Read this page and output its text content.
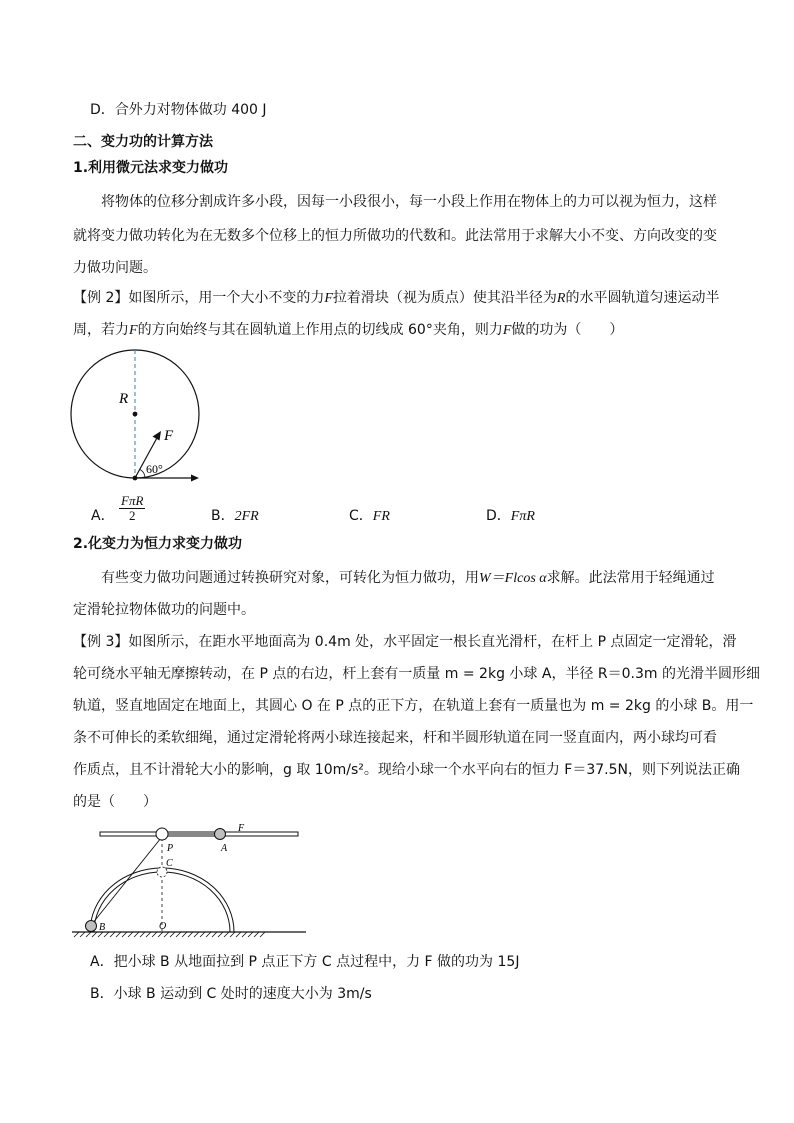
D．合外力对物体做功 400 J
二、变力功的计算方法
1.利用微元法求变力做功
将物体的位移分割成许多小段，因每一小段很小，每一小段上作用在物体上的力可以视为恒力，这样
就将变力做功转化为在无数多个位移上的恒力所做功的代数和。此法常用于求解大小不变、方向改变的变
力做功问题。
【例 2】如图所示，用一个大小不变的力F拉着滑块（视为质点）使其沿半径为R的水平圆轨道匀速运动半
周，若力F的方向始终与其在圆轨道上作用点的切线成 60°夹角，则力F做的功为（　　）
R
F
60°
A． $\frac{\text{FπR}}{2}$	B．2FR	C．FR	D．FπR
2.化变力为恒力求变力做功
有些变力做功问题通过转换研究对象，可转化为恒力做功，用W＝Flcos α求解。此法常用于轻绳通过
定滑轮拉物体做功的问题中。
【例 3】如图所示，在距水平地面高为 0.4m 处，水平固定一根长直光滑杆，在杆上 P 点固定一定滑轮，滑
轮可绕水平轴无摩擦转动，在 P 点的右边，杆上套有一质量 m = 2kg 小球 A，半径 R＝0.3m 的光滑半圆形细
轨道，竖直地固定在地面上，其圆心 O 在 P 点的正下方，在轨道上套有一质量也为 m = 2kg 的小球 B。用一
条不可伸长的柔软细绳，通过定滑轮将两小球连接起来，杆和半圆形轨道在同一竖直面内，两小球均可看
作质点，且不计滑轮大小的影响，g 取 10m/s²。现给小球一个水平向右的恒力 F＝37.5N，则下列说法正确
的是（　　）
P	A
F
C
B	O
A．把小球 B 从地面拉到 P 点正下方 C 点过程中，力 F 做的功为 15J
B．小球 B 运动到 C 处时的速度大小为 3m/s
